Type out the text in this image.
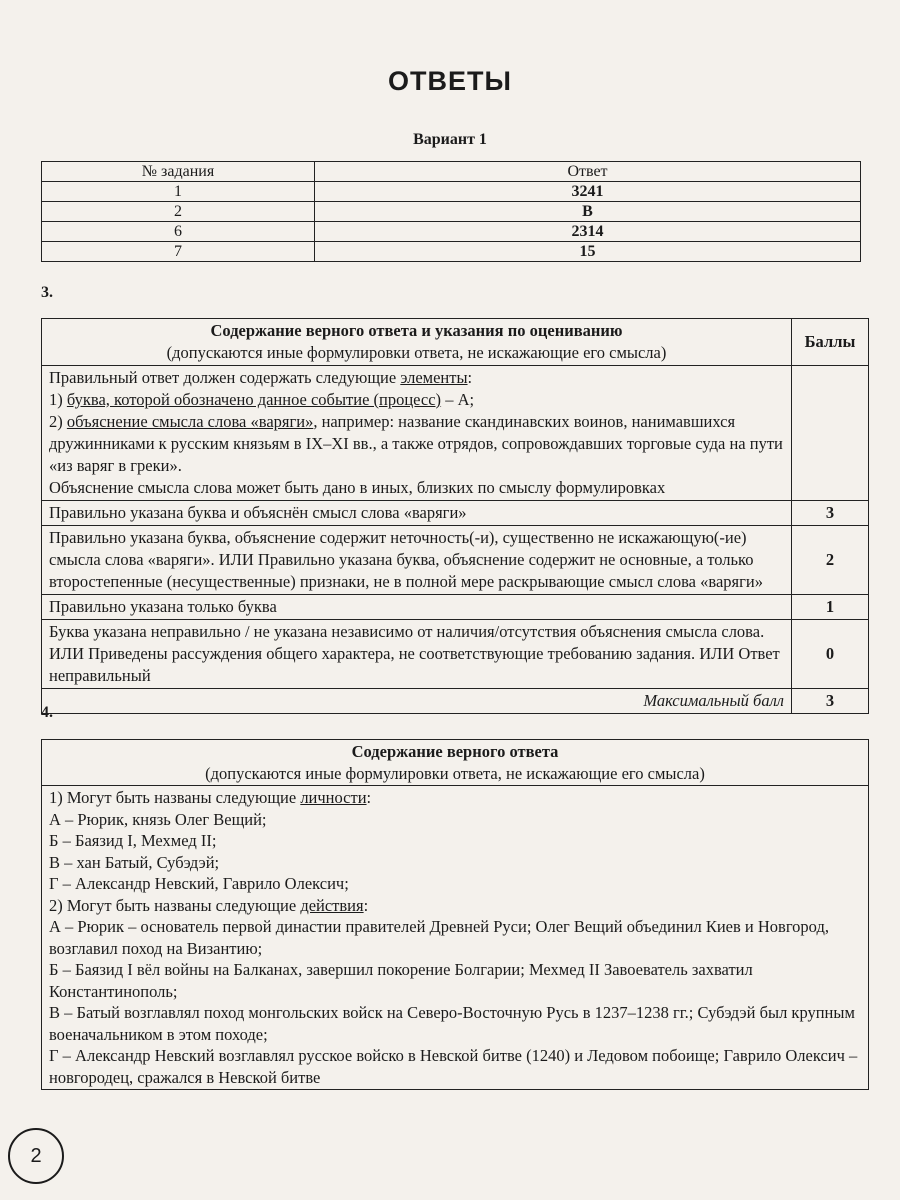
ОТВЕТЫ
Вариант 1
№ задания	Ответ
1	3241
2	В
6	2314
7	15
3.
Содержание верного ответа и указания по оцениванию
(допускаются иные формулировки ответа, не искажающие его смысла)	Баллы

Правильный ответ должен содержать следующие элементы:
1) буква, которой обозначено данное событие (процесс) – А;
2) объяснение смысла слова «варяги», например: название скандинавских воинов, нанимавшихся дружинниками к русским князьям в IX–XI вв., а также отрядов, сопровождавших торговые суда на пути «из варяг в греки».
Объяснение смысла слова может быть дано в иных, близких по смыслу формулировках	

Правильно указана буква и объяснён смысл слова «варяги»	3
Правильно указана буква, объяснение содержит неточность(-и), существенно не искажающую(-ие) смысла слова «варяги». ИЛИ Правильно указана буква, объяснение содержит не основные, а только второстепенные (несущественные) признаки, не в полной мере раскрывающие смысл слова «варяги»	2
Правильно указана только буква	1
Буква указана неправильно / не указана независимо от наличия/отсутствия объяснения смысла слова. ИЛИ Приведены рассуждения общего характера, не соответствующие требованию задания. ИЛИ Ответ неправильный	0
Максимальный балл	3
4.
Содержание верного ответа
(допускаются иные формулировки ответа, не искажающие его смысла)

1) Могут быть названы следующие личности:
А – Рюрик, князь Олег Вещий;
Б – Баязид I, Мехмед II;
В – хан Батый, Субэдэй;
Г – Александр Невский, Гаврило Олексич;
2) Могут быть названы следующие действия:
А – Рюрик – основатель первой династии правителей Древней Руси; Олег Вещий объединил Киев и Новгород, возглавил поход на Византию;
Б – Баязид I вёл войны на Балканах, завершил покорение Болгарии; Мехмед II Завоеватель захватил Константинополь;
В – Батый возглавлял поход монгольских войск на Северо-Восточную Русь в 1237–1238 гг.; Субэдэй был крупным военачальником в этом походе;
Г – Александр Невский возглавлял русское войско в Невской битве (1240) и Ледовом побоище; Гаврило Олексич – новгородец, сражался в Невской битве
2
